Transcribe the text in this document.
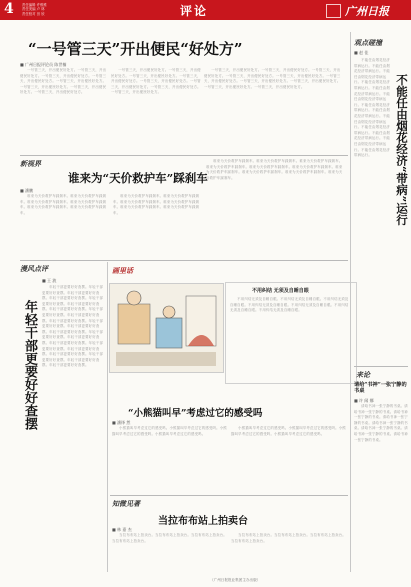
4 责任编辑 许维维
责任美编 卢 林
责任校对 田 欣	评论	广州日报
“一号管三天”开出便民“好处方”
■ 广州日报评论员 陈世楠
　　一号管三天，开出便民好处方。一号管三天，开出便民好处方。一号管三天，开出便民好处方。一号管三天，开出便民好处方。一号管三天，开出便民好处方。一号管三天，开出便民好处方。一号管三天，开出便民好处方。一号管三天，开出便民好处方。
　　一号管三天，开出便民好处方。一号管三天，开出便民好处方。一号管三天，开出便民好处方。一号管三天，开出便民好处方。一号管三天，开出便民好处方。一号管三天，开出便民好处方。一号管三天，开出便民好处方。一号管三天，开出便民好处方。
　　一号管三天，开出便民好处方。一号管三天，开出便民好处方。一号管三天，开出便民好处方。一号管三天，开出便民好处方。一号管三天，开出便民好处方。一号管三天，开出便民好处方。一号管三天，开出便民好处方。一号管三天，开出便民好处方。一号管三天，开出便民好处方。一号管三天，开出便民好处方。
新视界
谁来为“天价救护车”踩刹车
■ 潘鹏
　　谁来为天价救护车踩刹车。谁来为天价救护车踩刹车。谁来为天价救护车踩刹车。谁来为天价救护车踩刹车。谁来为天价救护车踩刹车。谁来为天价救护车踩刹车。
　　谁来为天价救护车踩刹车。谁来为天价救护车踩刹车。谁来为天价救护车踩刹车。谁来为天价救护车踩刹车。谁来为天价救护车踩刹车。谁来为天价救护车踩刹车。
　　谁来为天价救护车踩刹车。谁来为天价救护车踩刹车。谁来为天价救护车踩刹车。谁来为天价救护车踩刹车。谁来为天价救护车踩刹车。谁来为天价救护车踩刹车。谁来为天价救护车踩刹车。谁来为天价救护车踩刹车。谁来为天价救护车踩刹车。谁来为天价救护车踩刹车。
漫风点评
年轻干部更要好好查摆
■ 王 波
　　年轻干部更要好好查摆。年轻干部更要好好查摆。年轻干部更要好好查摆。年轻干部更要好好查摆。年轻干部更要好好查摆。年轻干部更要好好查摆。年轻干部更要好好查摆。年轻干部更要好好查摆。年轻干部更要好好查摆。年轻干部更要好好查摆。年轻干部更要好好查摆。年轻干部更要好好查摆。年轻干部更要好好查摆。年轻干部更要好好查摆。年轻干部更要好好查摆。年轻干部更要好好查摆。年轻干部更要好好查摆。年轻干部更要好好查摆。年轻干部更要好好查摆。年轻干部更要好好查摆。年轻干部更要好好查摆。年轻干部更要好好查摆。
画里话
不用纠结 无须及自睡自眼
　　不用纠结无须及自睡自眼。不用纠结无须及自睡自眼。不用纠结无须及自睡自眼。不用纠结无须及自睡自眼。不用纠结无须及自睡自眼。不用纠结无须及自睡自眼。不用纠结无须及自睡自眼。
“小熊猫叫早”考虑过它的感受吗
■ 潘铎 然
　　小熊猫叫早考虑过它的感受吗。小熊猫叫早考虑过它的感受吗。小熊猫叫早考虑过它的感受吗。小熊猫叫早考虑过它的感受吗。
　　小熊猫叫早考虑过它的感受吗。小熊猫叫早考虑过它的感受吗。小熊猫叫早考虑过它的感受吗。小熊猫叫早考虑过它的感受吗。
知微见著
当拉布布站上拍卖台
■ 林 嘉 杰
　　当拉布布站上拍卖台。当拉布布站上拍卖台。当拉布布站上拍卖台。当拉布布站上拍卖台。
　　当拉布布站上拍卖台。当拉布布站上拍卖台。当拉布布站上拍卖台。当拉布布站上拍卖台。
观点碰撞
■ 赵 佳
不能任由烟花经济“带病”运行
　　不能任由烟花经济带病运行。不能任由烟花经济带病运行。不能任由烟花经济带病运行。不能任由烟花经济带病运行。不能任由烟花经济带病运行。不能任由烟花经济带病运行。不能任由烟花经济带病运行。不能任由烟花经济带病运行。不能任由烟花经济带病运行。不能任由烟花经济带病运行。不能任由烟花经济带病运行。不能任由烟花经济带病运行。不能任由烟花经济带病运行。
来论
请给“书神”一张宁静的书桌
■ 许 闻 娜
　　请给书神一张宁静的书桌。请给书神一张宁静的书桌。请给书神一张宁静的书桌。请给书神一张宁静的书桌。请给书神一张宁静的书桌。请给书神一张宁静的书桌。请给书神一张宁静的书桌。请给书神一张宁静的书桌。
（广州日报报业集团主办出版）
